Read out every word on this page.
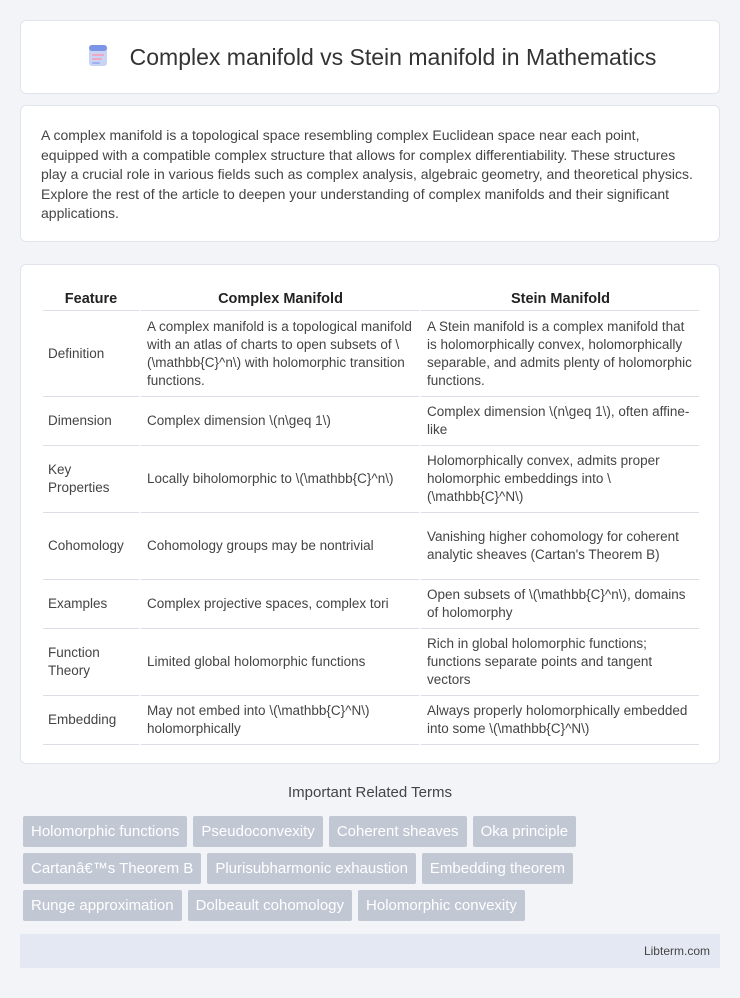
Complex manifold vs Stein manifold in Mathematics

A complex manifold is a topological space resembling complex Euclidean space near each point, equipped with a compatible complex structure that allows for complex differentiability. These structures play a crucial role in various fields such as complex analysis, algebraic geometry, and theoretical physics. Explore the rest of the article to deepen your understanding of complex manifolds and their significant applications.

Feature	Complex Manifold	Stein Manifold
Definition	A complex manifold is a topological manifold with an atlas of charts to open subsets of \(\mathbb{C}^n\) with holomorphic transition functions.	A Stein manifold is a complex manifold that is holomorphically convex, holomorphically separable, and admits plenty of holomorphic functions.
Dimension	Complex dimension \(n\geq 1\)	Complex dimension \(n\geq 1\), often affine-like
Key Properties	Locally biholomorphic to \(\mathbb{C}^n\)	Holomorphically convex, admits proper holomorphic embeddings into \(\mathbb{C}^N\)
Cohomology	Cohomology groups may be nontrivial	Vanishing higher cohomology for coherent analytic sheaves (Cartan's Theorem B)
Examples	Complex projective spaces, complex tori	Open subsets of \(\mathbb{C}^n\), domains of holomorphy
Function Theory	Limited global holomorphic functions	Rich in global holomorphic functions; functions separate points and tangent vectors
Embedding	May not embed into \(\mathbb{C}^N\) holomorphically	Always properly holomorphically embedded into some \(\mathbb{C}^N\)
Important Related Terms
Holomorphic functions	Pseudoconvexity	Coherent sheaves	Oka principle
Cartanâ€™s Theorem B	Plurisubharmonic exhaustion	Embedding theorem
Runge approximation	Dolbeault cohomology	Holomorphic convexity
Libterm.com
